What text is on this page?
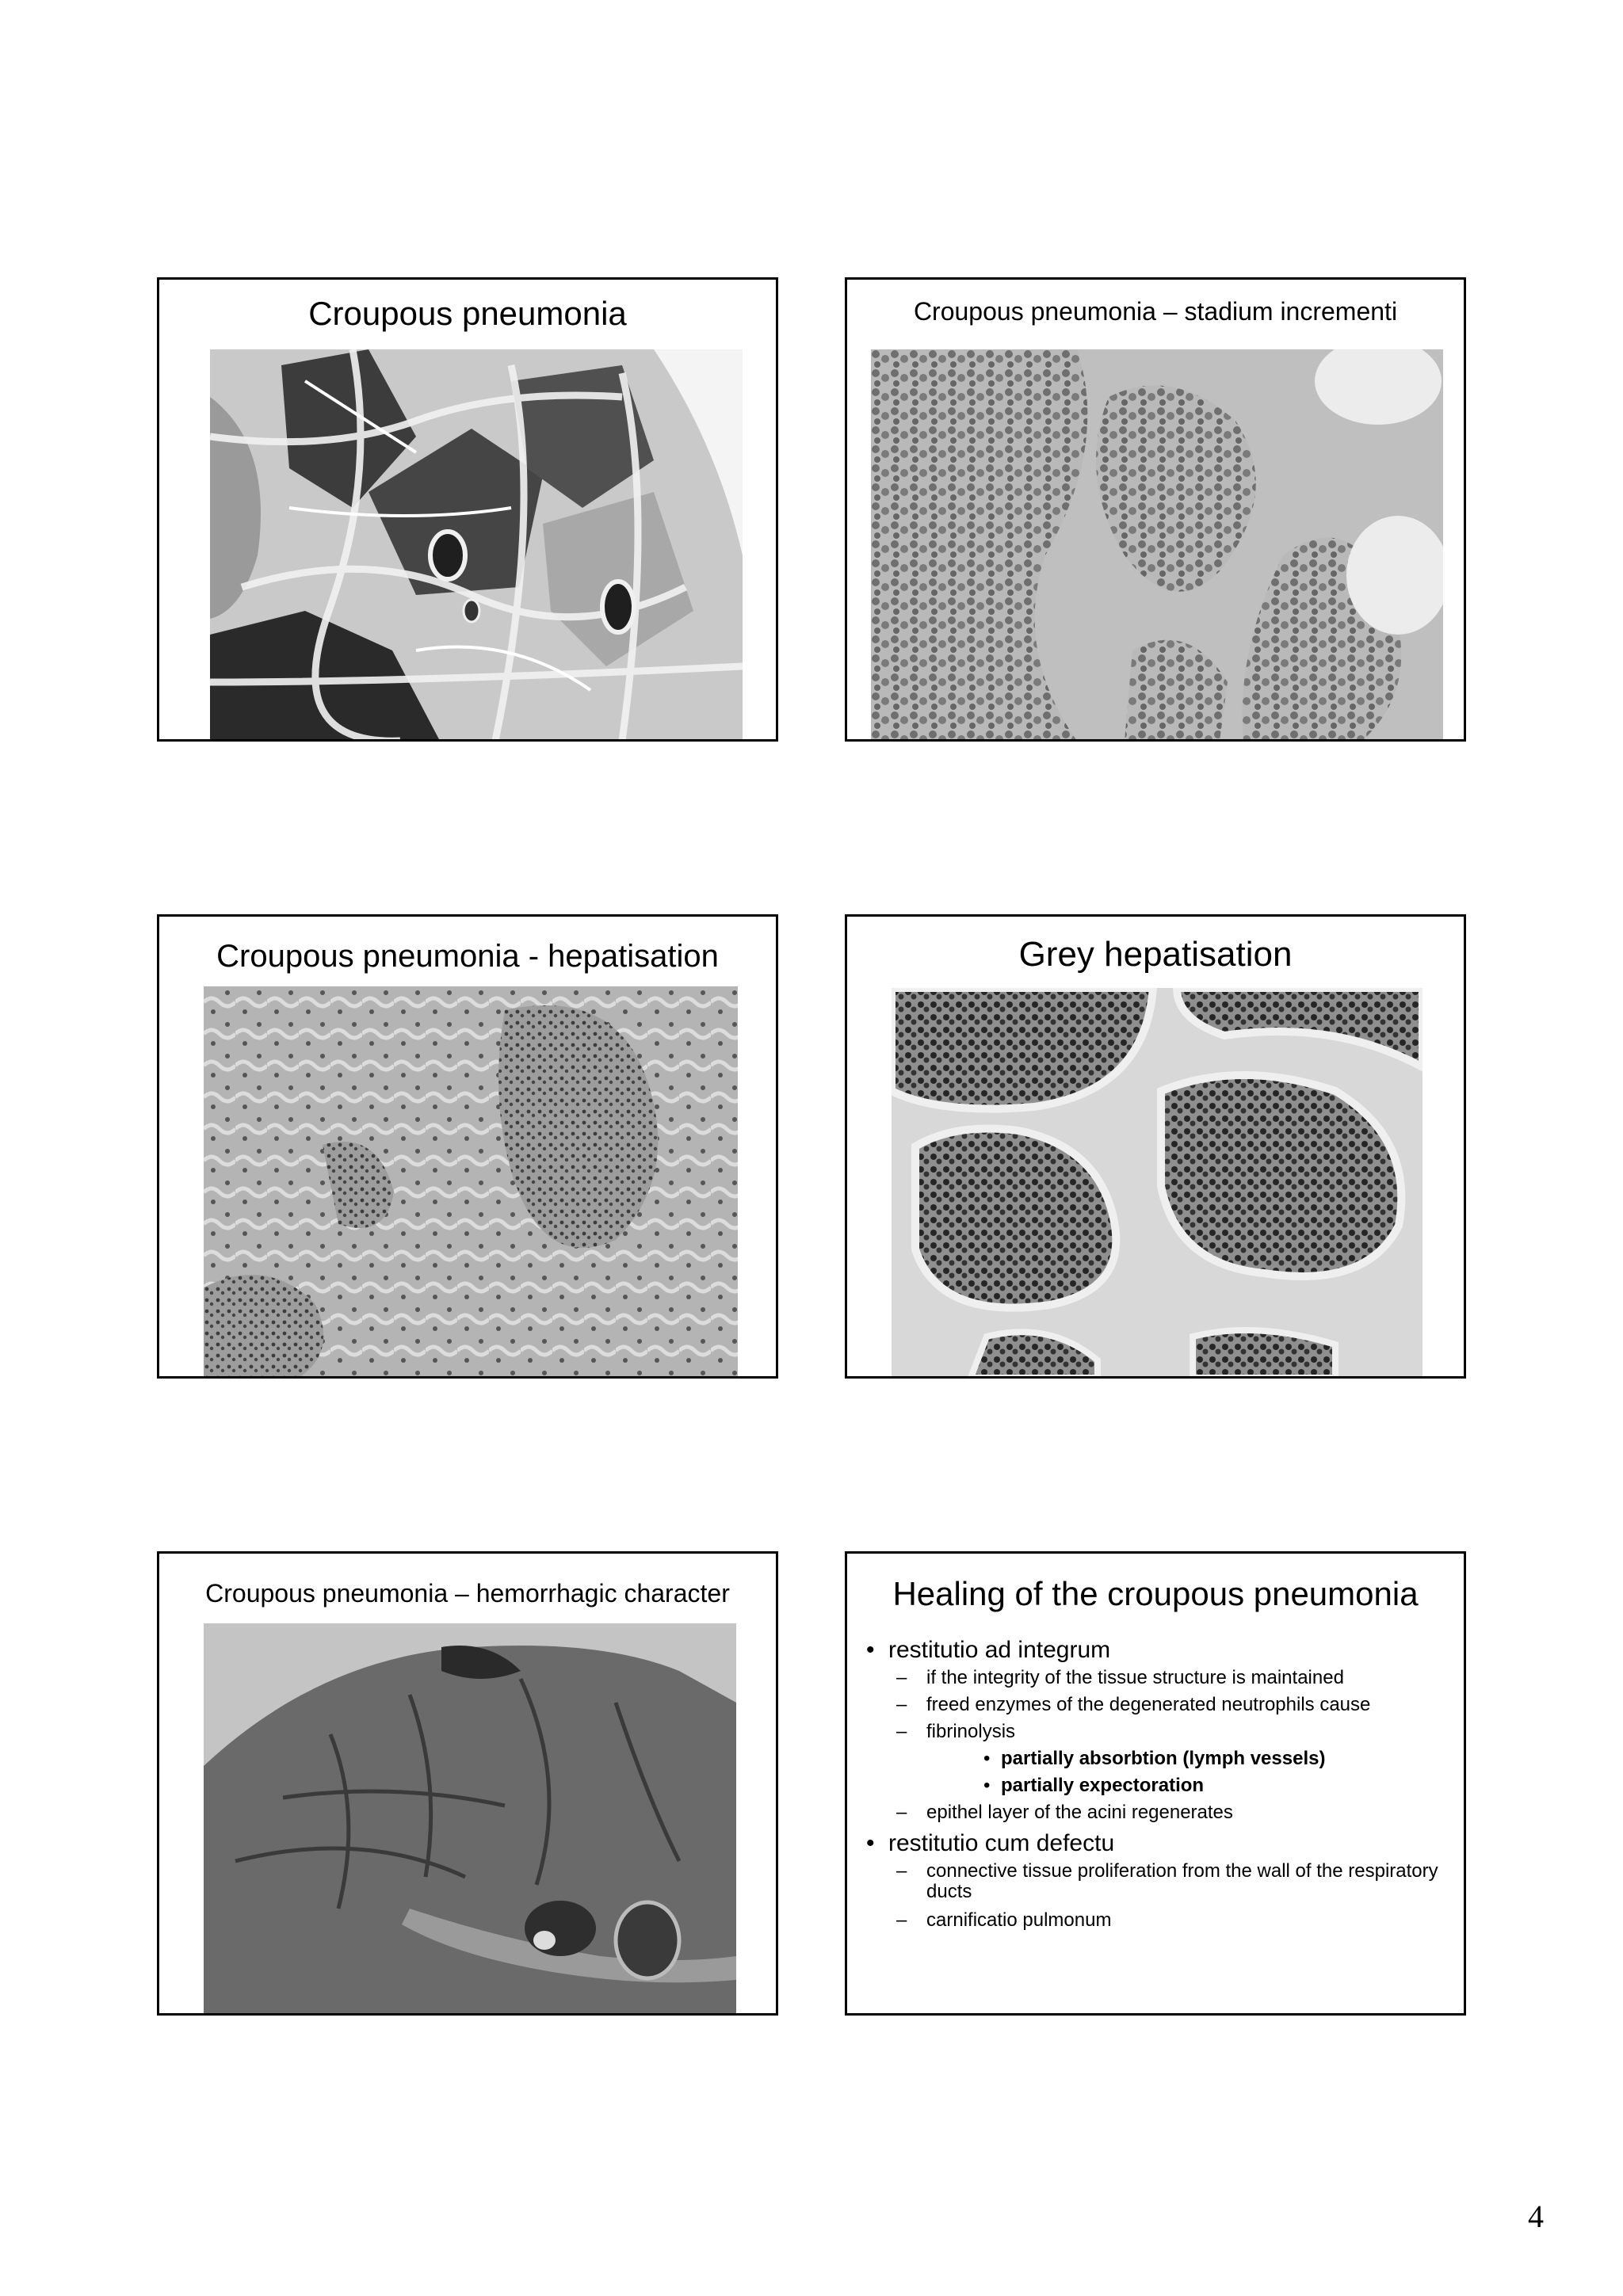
Croupous pneumonia	Croupous pneumonia – stadium incrementi
Croupous pneumonia - hepatisation	Grey hepatisation
Croupous pneumonia – hemorrhagic character	Healing of the croupous pneumonia
• restitutio ad integrum
– if the integrity of the tissue structure is maintained
– freed enzymes of the degenerated neutrophils cause
– fibrinolysis
• partially absorbtion (lymph vessels)
• partially expectoration
– epithel layer of the acini regenerates
• restitutio cum defectu
– connective tissue proliferation from the wall of the respiratory ducts
– carnificatio pulmonum
4
